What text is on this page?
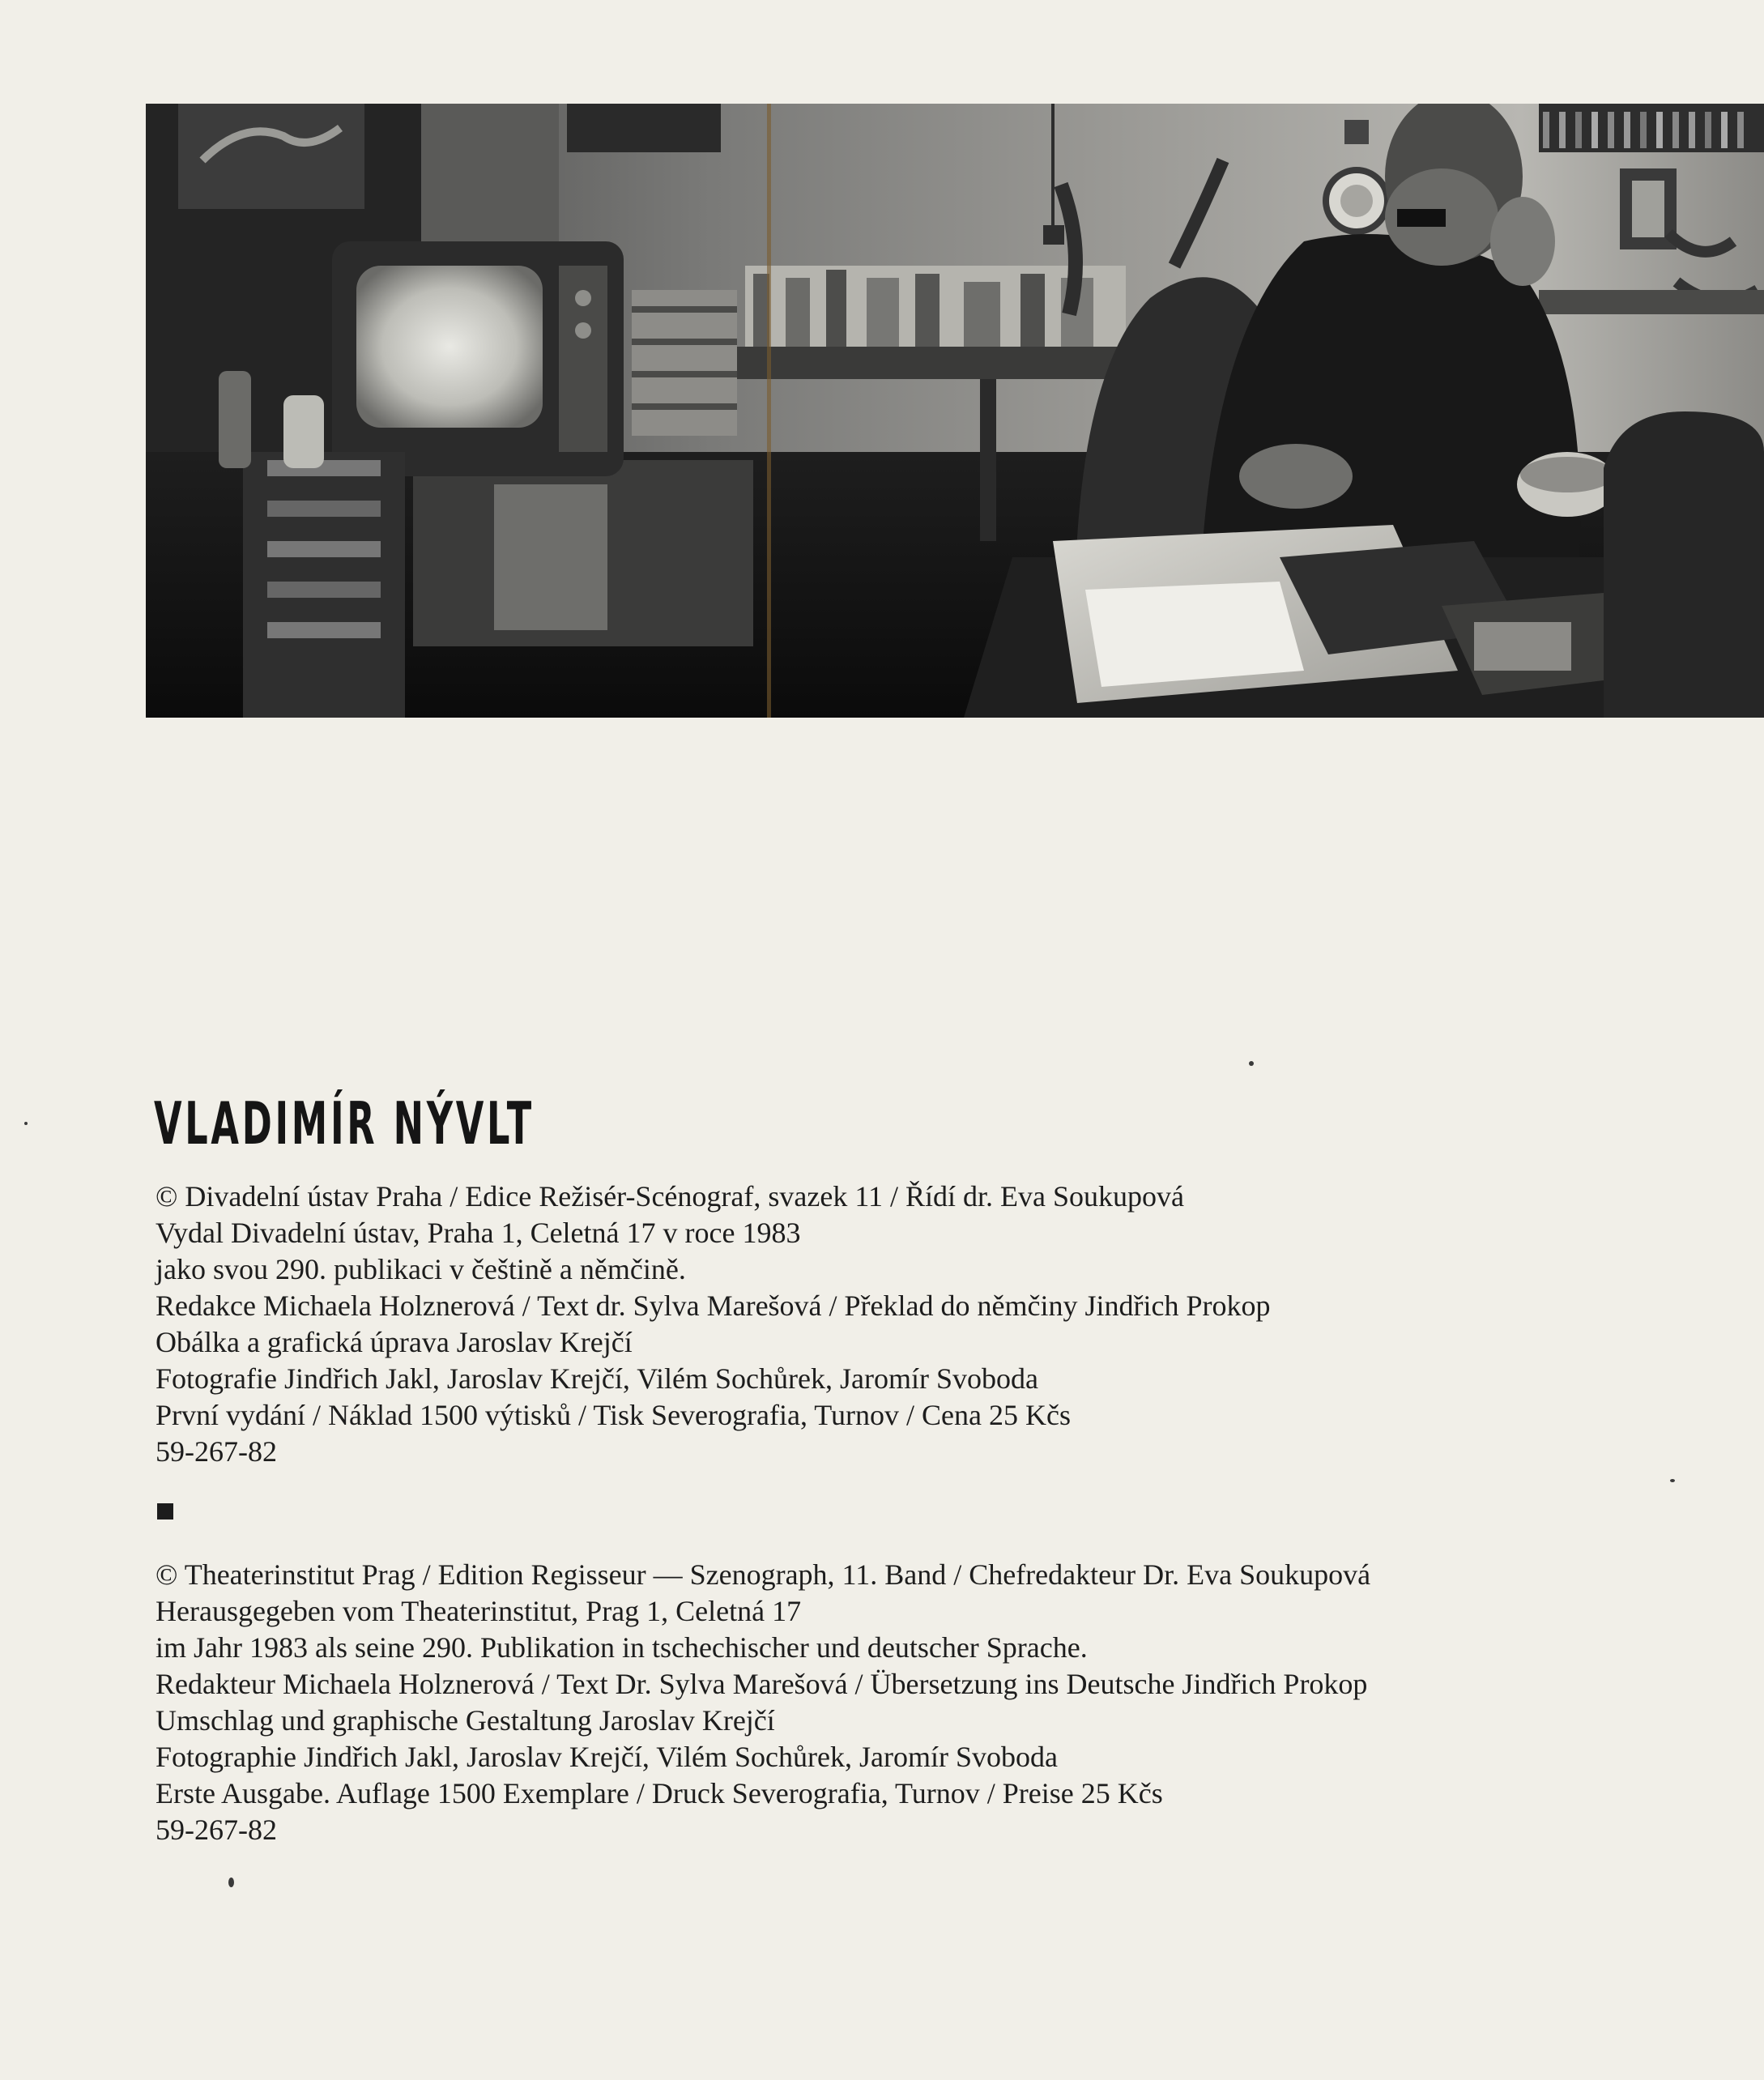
VLADIMÍR NÝVLT
© Divadelní ústav Praha / Edice Režisér-Scénograf, svazek 11 / Řídí dr. Eva Soukupová
Vydal Divadelní ústav, Praha 1, Celetná 17 v roce 1983
jako svou 290. publikaci v češtině a němčině.
Redakce Michaela Holznerová / Text dr. Sylva Marešová / Překlad do němčiny Jindřich Prokop
Obálka a grafická úprava Jaroslav Krejčí
Fotografie Jindřich Jakl, Jaroslav Krejčí, Vilém Sochůrek, Jaromír Svoboda
První vydání / Náklad 1500 výtisků / Tisk Severografia, Turnov / Cena 25 Kčs
59-267-82
© Theaterinstitut Prag / Edition Regisseur — Szenograph, 11. Band / Chefredakteur Dr. Eva Soukupová
Herausgegeben vom Theaterinstitut, Prag 1, Celetná 17
im Jahr 1983 als seine 290. Publikation in tschechischer und deutscher Sprache.
Redakteur Michaela Holznerová / Text Dr. Sylva Marešová / Übersetzung ins Deutsche Jindřich Prokop
Umschlag und graphische Gestaltung Jaroslav Krejčí
Fotographie Jindřich Jakl, Jaroslav Krejčí, Vilém Sochůrek, Jaromír Svoboda
Erste Ausgabe. Auflage 1500 Exemplare / Druck Severografia, Turnov / Preise 25 Kčs
59-267-82
